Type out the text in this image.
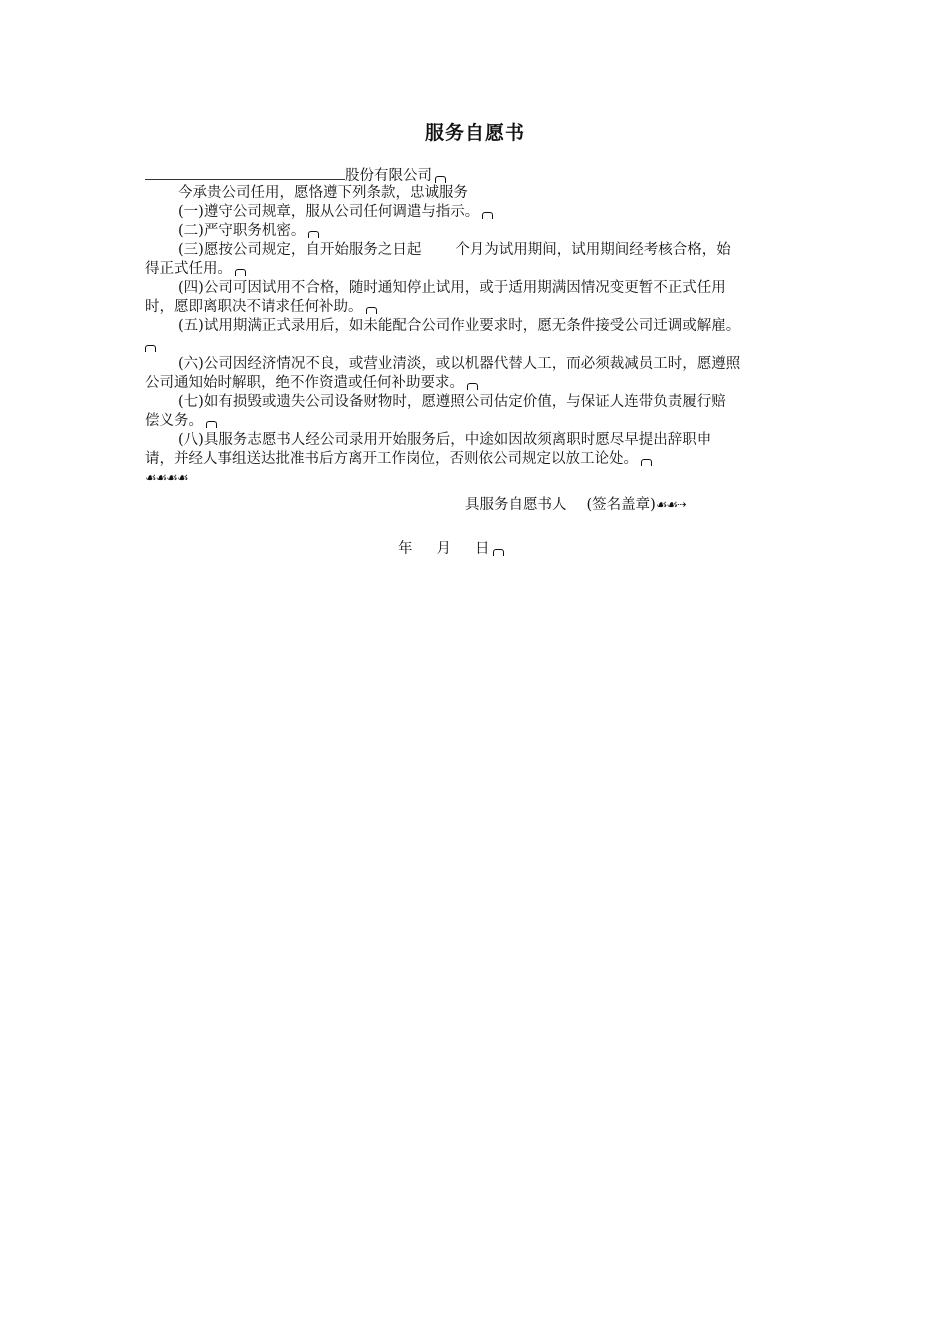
服务自愿书
股份有限公司
今承贵公司任用，愿恪遵下列条款，忠诚服务
(一)遵守公司规章，服从公司任何调遣与指示。
(二)严守职务机密。
(三)愿按公司规定，自开始服务之日起 个月为试用期间，试用期间经考核合格，始
得正式任用。
(四)公司可因试用不合格，随时通知停止试用，或于适用期满因情况变更暂不正式任用
时，愿即离职决不请求任何补助。
(五)试用期满正式录用后，如未能配合公司作业要求时，愿无条件接受公司迁调或解雇。
(六)公司因经济情况不良，或营业清淡，或以机器代替人工，而必须裁减员工时，愿遵照
公司通知始时解职，绝不作资遣或任何补助要求。
(七)如有损毁或遗失公司设备财物时，愿遵照公司估定价值，与保证人连带负责履行赔
偿义务。
(八)具服务志愿书人经公司录用开始服务后，中途如因故须离职时愿尽早提出辞职申
请，并经人事组送达批准书后方离开工作岗位，否则依公司规定以放工论处。
☙☙☙☙
具服务自愿书人 (签名盖章)☙☙⇢
年 月 日
